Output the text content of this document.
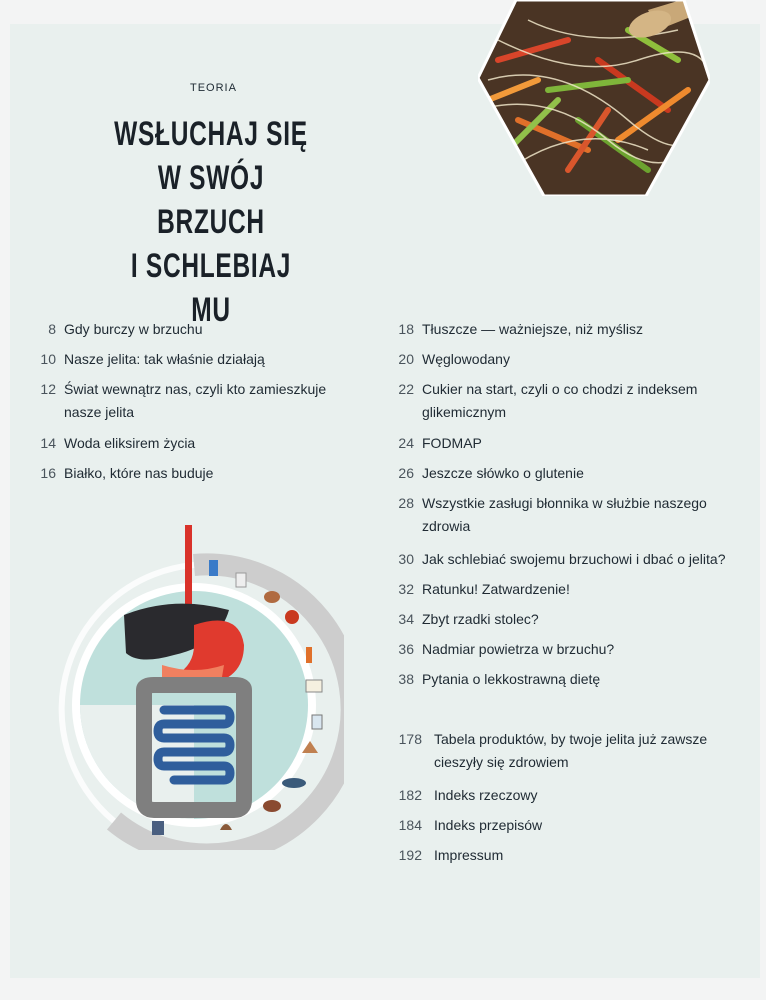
TEORIA
WSŁUCHAJ SIĘ
W SWÓJ BRZUCH
I SCHLEBIAJ
MU
8 Gdy burczy w brzuchu
10 Nasze jelita: tak właśnie działają
12 Świat wewnątrz nas, czyli kto zamieszkuje nasze jelita
14 Woda eliksirem życia
16 Białko, które nas buduje
18 Tłuszcze — ważniejsze, niż myślisz
20 Węglowodany
22 Cukier na start, czyli o co chodzi z indeksem glikemicznym
24 FODMAP
26 Jeszcze słówko o glutenie
28 Wszystkie zasługi błonnika w służbie naszego zdrowia
30 Jak schlebiać swojemu brzuchowi i dbać o jelita?
32 Ratunku! Zatwardzenie!
34 Zbyt rzadki stolec?
36 Nadmiar powietrza w brzuchu?
38 Pytania o lekkostrawną dietę
178 Tabela produktów, by twoje jelita już zawsze cieszyły się zdrowiem
182 Indeks rzeczowy
184 Indeks przepisów
192 Impressum
